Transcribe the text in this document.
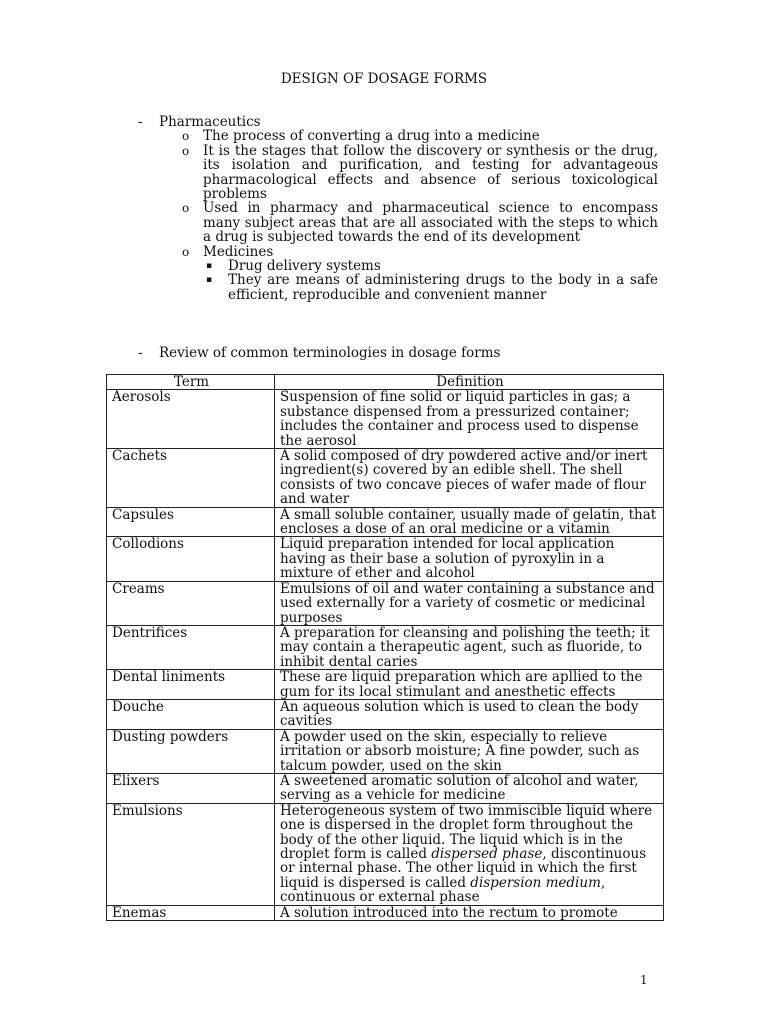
DESIGN OF DOSAGE FORMS
- Pharmaceutics
o The process of converting a drug into a medicine
o It is the stages that follow the discovery or synthesis or the drug, its isolation and purification, and testing for advantageous pharmacological effects and absence of serious toxicological problems
o Used in pharmacy and pharmaceutical science to encompass many subject areas that are all associated with the steps to which a drug is subjected towards the end of its development
o Medicines
▪ Drug delivery systems
▪ They are means of administering drugs to the body in a safe efficient, reproducible and convenient manner
- Review of common terminologies in dosage forms
Term	Definition
Aerosols	Suspension of fine solid or liquid particles in gas; a substance dispensed from a pressurized container; includes the container and process used to dispense the aerosol
Cachets	A solid composed of dry powdered active and/or inert ingredient(s) covered by an edible shell. The shell consists of two concave pieces of wafer made of flour and water
Capsules	A small soluble container, usually made of gelatin, that encloses a dose of an oral medicine or a vitamin
Collodions	Liquid preparation intended for local application having as their base a solution of pyroxylin in a mixture of ether and alcohol
Creams	Emulsions of oil and water containing a substance and used externally for a variety of cosmetic or medicinal purposes
Dentrifices	A preparation for cleansing and polishing the teeth; it may contain a therapeutic agent, such as fluoride, to inhibit dental caries
Dental liniments	These are liquid preparation which are apllied to the gum for its local stimulant and anesthetic effects
Douche	An aqueous solution which is used to clean the body cavities
Dusting powders	A powder used on the skin, especially to relieve irritation or absorb moisture; A fine powder, such as talcum powder, used on the skin
Elixers	A sweetened aromatic solution of alcohol and water, serving as a vehicle for medicine
Emulsions	Heterogeneous system of two immiscible liquid where one is dispersed in the droplet form throughout the body of the other liquid. The liquid which is in the droplet form is called dispersed phase, discontinuous or internal phase. The other liquid in which the first liquid is dispersed is called dispersion medium, continuous or external phase
Enemas	A solution introduced into the rectum to promote
1
